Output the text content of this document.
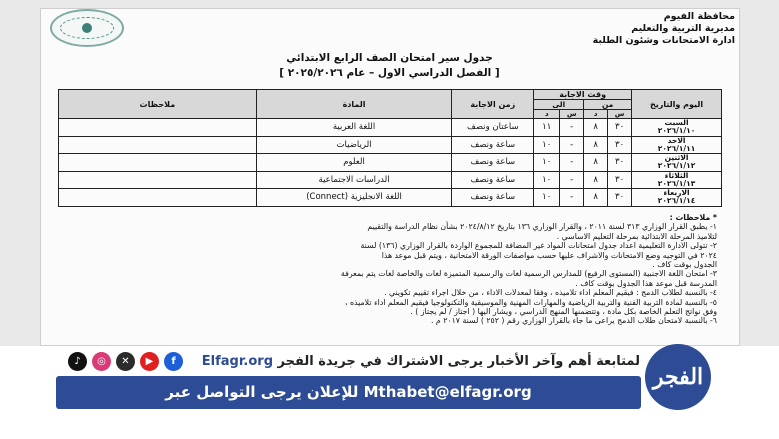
محافظة الفيوم
مديرية التربية والتعليم
ادارة الامتحانات وشئون الطلبة
جدول سير امتحان الصف الرابع الابتدائي
[ الفصل الدراسي الاول – عام ٢٠٢٥/٢٠٢٦ ]
اليوم والتاريخ	وقت الاجابة				زمن الاجابة	المادة	ملاحظات
	من		الى				
	س	د	س	د			

السبت
٢٠٢٦/١/١٠	٣٠	٨	-	١١	ساعتان ونصف	اللغة العربية	

الاحد
٢٠٢٦/١/١١	٣٠	٨	-	١٠	ساعة ونصف	الرياضيات	

الاثنين
٢٠٢٦/١/١٢	٣٠	٨	-	١٠	ساعة ونصف	العلوم	

الثلاثاء
٢٠٢٦/١/١٣	٣٠	٨	-	١٠	ساعة ونصف	الدراسات الاجتماعية	

الاربعاء
٢٠٢٦/١/١٤	٣٠	٨	-	١٠	ساعة ونصف	اللغة الانجليزية (Connect)	
* ملاحظات :
١- يطبق القرار الوزاري ٣١٣ لسنة ٢٠١١ ، والقرار الوزاري ١٣٦ بتاريخ ٢٠٢٤/٨/١٢ بشأن نظام الدراسة والتقييم
لتلاميذ المرحلة الابتدائية بمرحلة التعليم الاساسي .
٢- تتولى الادارة التعليمية اعداد جدول امتحانات المواد غير المضافة للمجموع الواردة بالقرار الوزاري (١٣٦) لسنة
٢٠٢٤ في التوجيه وضع الامتحانات والاشراف عليها حسب مواصفات الورقة الامتحانية ، ويتم قبل موعد هذا
الجدول بوقت كاف .
٣- امتحان اللغة الاجنبية (المستوى الرفيع) للمدارس الرسمية لغات والرسمية المتميزة لغات والخاصة لغات يتم بمعرفة
المدرسة قبل موعد هذا الجدول بوقت كاف .
٤- بالنسبة لطلاب الدمج : فيقيم المعلم اداء تلاميذه ، وفقا لمعدلات الاداء ، من خلال اجراء تقييم تكويني .
٥- بالنسبة لمادة التربية الفنية والتربية الرياضية والمهارات المهنية والموسيقية والتكنولوجيا فيقيم المعلم اداء تلاميذه ،
وفق نواتج التعلم الخاصة بكل مادة ، وتتضمنها المنهج الدراسي ، ويشار اليها ( اجتاز / لم يجتاز ) .
٦- بالنسبة لامتحان طلاب الدمج يراعى ما جاء بالقرار الوزاري رقم ( ٢٥٢ ) لسنة ٢٠١٧ م .
الفجر
لمتابعة أهم وآخر الأخبار يرجى الاشتراك في جريدة الفجر Elfagr.org
♪	◎	✕	▶	f
للإعلان يرجى التواصل عبر Mthabet@elfagr.org
